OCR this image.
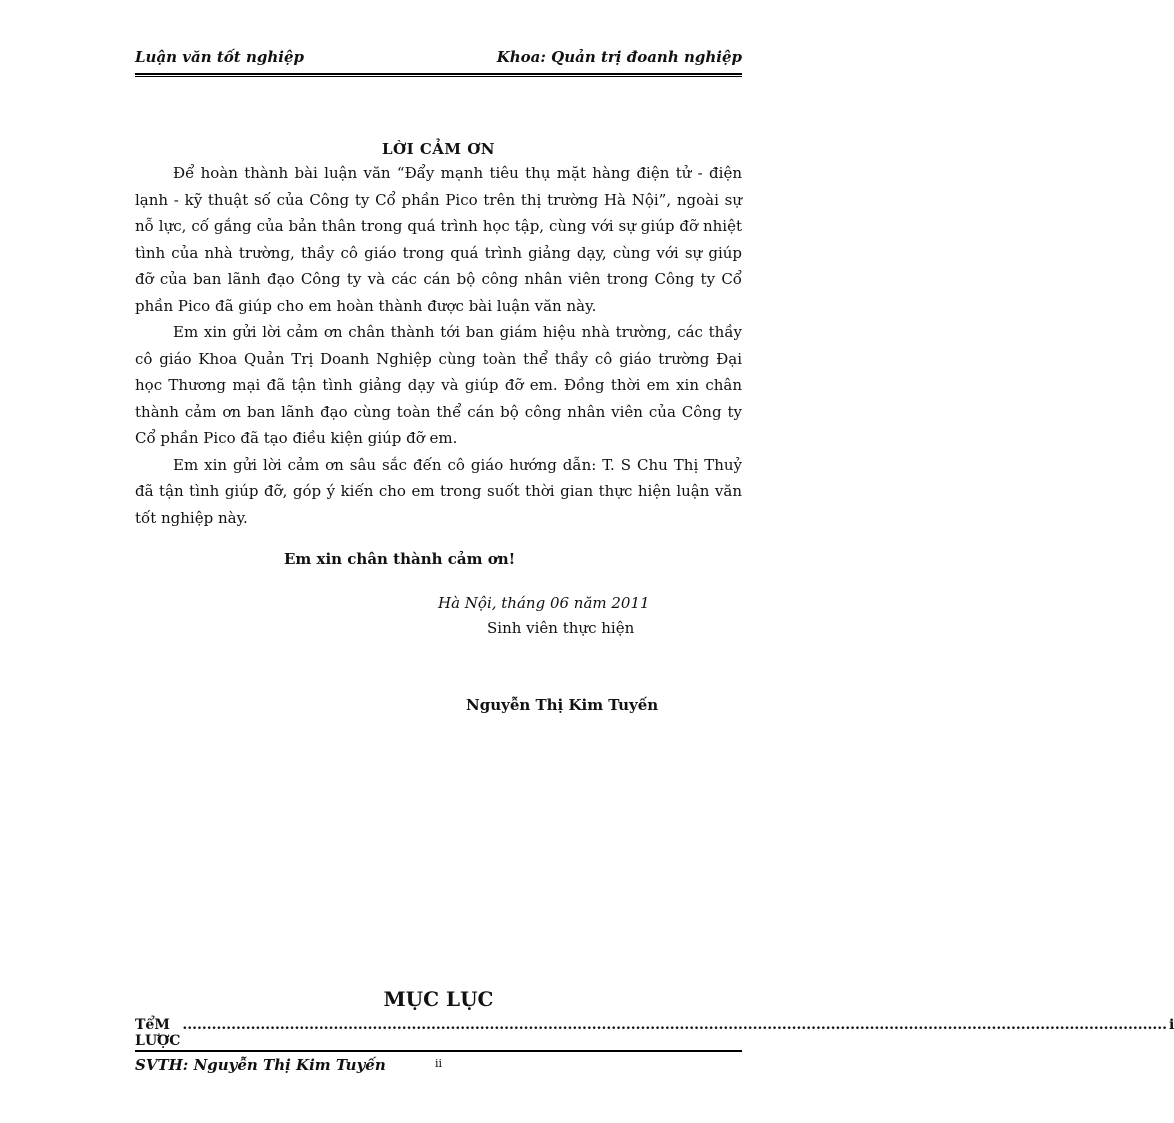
Luận văn tốt nghiệp	Khoa: Quản trị đoanh nghiệp
LỜI CẢM ƠN

Để hoàn thành bài luận văn “Đẩy mạnh tiêu thụ mặt hàng điện tử - điện lạnh - kỹ thuật số của Công ty Cổ phần Pico trên thị trường Hà Nội”, ngoài sự nỗ lực, cố gắng của bản thân trong quá trình học tập, cùng với sự giúp đỡ nhiệt tình của nhà trường, thầy cô giáo trong quá trình giảng dạy, cùng với sự giúp đỡ của ban lãnh đạo Công ty và các cán bộ công nhân viên trong Công ty Cổ phần Pico đã giúp cho em hoàn thành được bài luận văn này.

Em xin gửi lời cảm ơn chân thành tới ban giám hiệu nhà trường, các thầy cô giáo Khoa Quản Trị Doanh Nghiệp cùng toàn thể thầy cô giáo trường Đại học Thương mại đã tận tình giảng dạy và giúp đỡ em. Đồng thời em xin chân thành cảm ơn ban lãnh đạo cùng toàn thể cán bộ công nhân viên của Công ty Cổ phần Pico đã tạo điều kiện giúp đỡ em.

Em xin gửi lời cảm ơn sâu sắc đến cô giáo hướng dẫn: T. S Chu Thị Thuỷ đã tận tình giúp đỡ, góp ý kiến cho em trong suốt thời gian thực hiện luận văn tốt nghiệp này.

Em xin chân thành cảm ơn!
Hà Nội, tháng 06 năm 2011
Sinh viên thực hiện
Nguyễn Thị Kim Tuyến
MỤC LỤC
TểM LƯỢC
.......................................................................................................................................................................................................... i
SVTH: Nguyễn Thị Kim Tuyến	ii
